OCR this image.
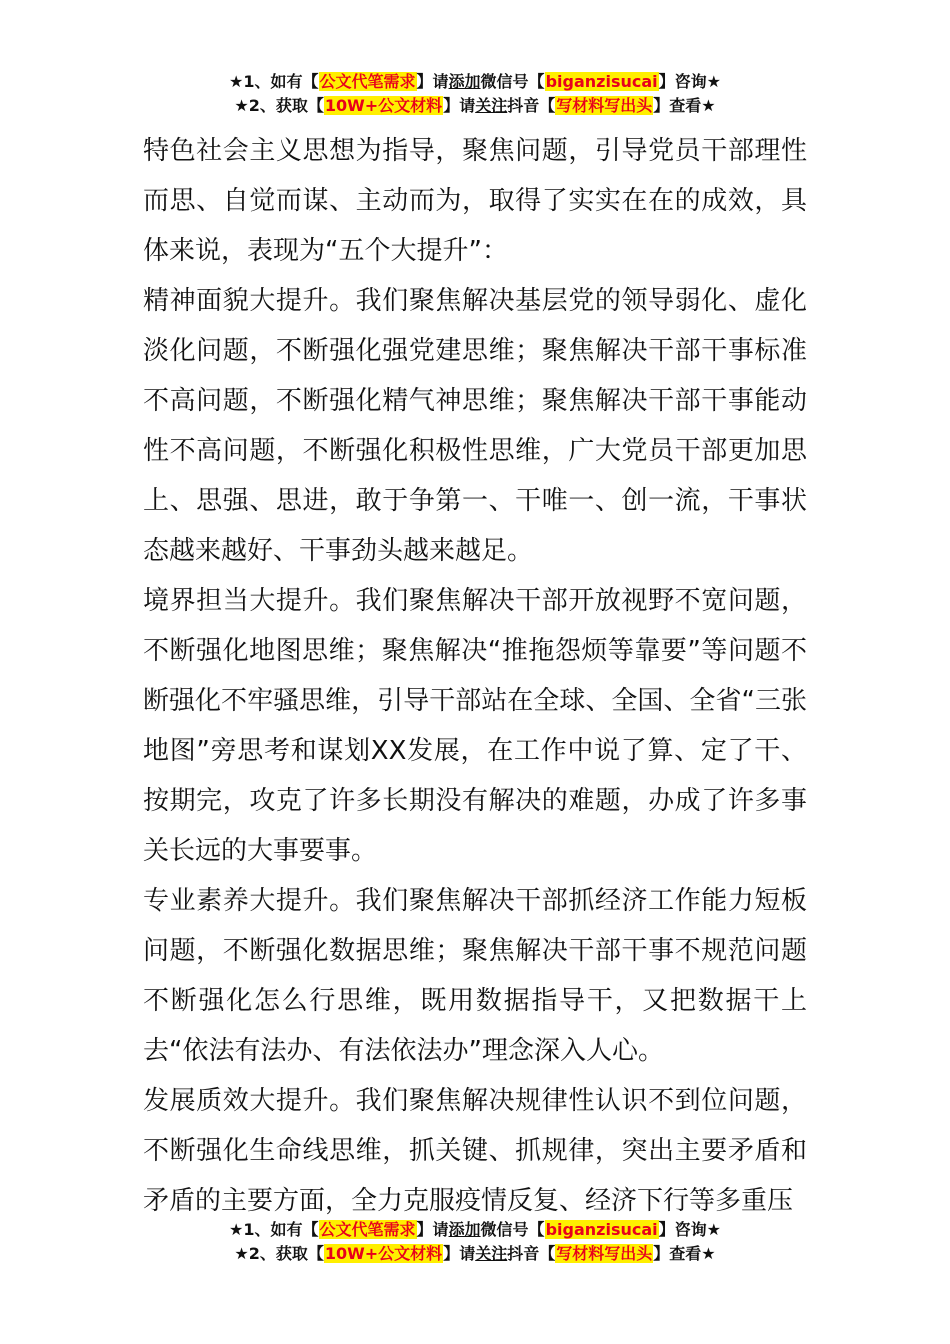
★1、如有【公文代笔需求】请添加微信号【biganzisucai】咨询★
★2、获取【10W+公文材料】请关注抖音【写材料写出头】查看★

特色社会主义思想为指导，聚焦问题，引导党员干部理性而思、自觉而谋、主动而为，取得了实实在在的成效，具体来说，表现为“五个大提升”：

精神面貌大提升。我们聚焦解决基层党的领导弱化、虚化淡化问题，不断强化强党建思维；聚焦解决干部干事标准不高问题，不断强化精气神思维；聚焦解决干部干事能动性不高问题，不断强化积极性思维，广大党员干部更加思上、思强、思进，敢于争第一、干唯一、创一流，干事状态越来越好、干事劲头越来越足。

境界担当大提升。我们聚焦解决干部开放视野不宽问题，不断强化地图思维；聚焦解决“推拖怨烦等靠要”等问题不断强化不牢骚思维，引导干部站在全球、全国、全省“三张地图”旁思考和谋划XX发展，在工作中说了算、定了干、按期完，攻克了许多长期没有解决的难题，办成了许多事关长远的大事要事。

专业素养大提升。我们聚焦解决干部抓经济工作能力短板问题，不断强化数据思维；聚焦解决干部干事不规范问题不断强化怎么行思维，既用数据指导干，又把数据干上去“依法有法办、有法依法办”理念深入人心。

发展质效大提升。我们聚焦解决规律性认识不到位问题，不断强化生命线思维，抓关键、抓规律，突出主要矛盾和矛盾的主要方面，全力克服疫情反复、经济下行等多重压

★1、如有【公文代笔需求】请添加微信号【biganzisucai】咨询★
★2、获取【10W+公文材料】请关注抖音【写材料写出头】查看★
